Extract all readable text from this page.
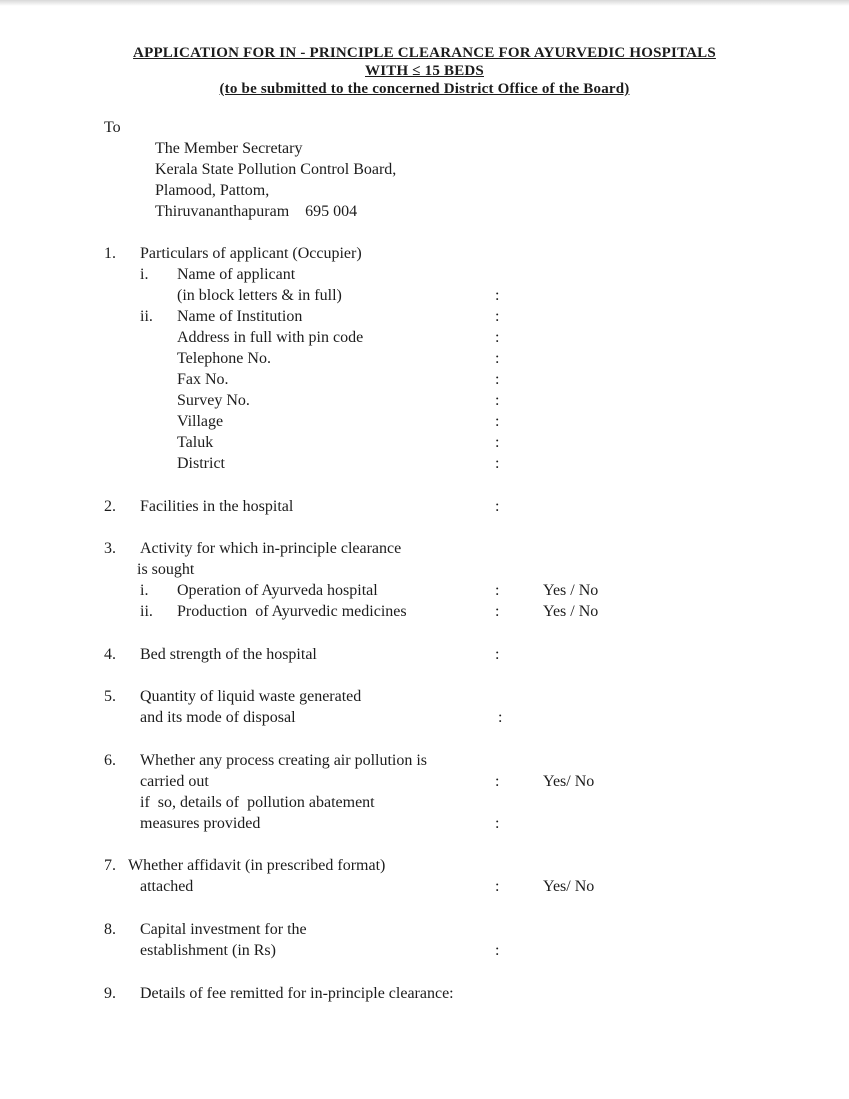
APPLICATION FOR IN - PRINCIPLE CLEARANCE FOR AYURVEDIC HOSPITALS
WITH ≤ 15 BEDS
(to be submitted to the concerned District Office of the Board)
To
The Member Secretary
Kerala State Pollution Control Board,
Plamood, Pattom,
Thiruvananthapuram    695 004
1. Particulars of applicant (Occupier)
i. Name of applicant
(in block letters & in full)	:
ii. Name of Institution	:
Address in full with pin code	:
Telephone No.	:
Fax No.	:
Survey No.	:
Village	:
Taluk	:
District	:
2. Facilities in the hospital	:
3. Activity for which in-principle clearance
is sought
i. Operation of Ayurveda hospital	:	Yes / No
ii. Production  of Ayurvedic medicines	:	Yes / No
4. Bed strength of the hospital	:
5. Quantity of liquid waste generated
and its mode of disposal	:
6. Whether any process creating air pollution is
carried out	:	Yes/ No
if  so, details of  pollution abatement
measures provided	:
7. Whether affidavit (in prescribed format)
attached	:	Yes/ No
8. Capital investment for the
establishment (in Rs)	:
9. Details of fee remitted for in-principle clearance:
